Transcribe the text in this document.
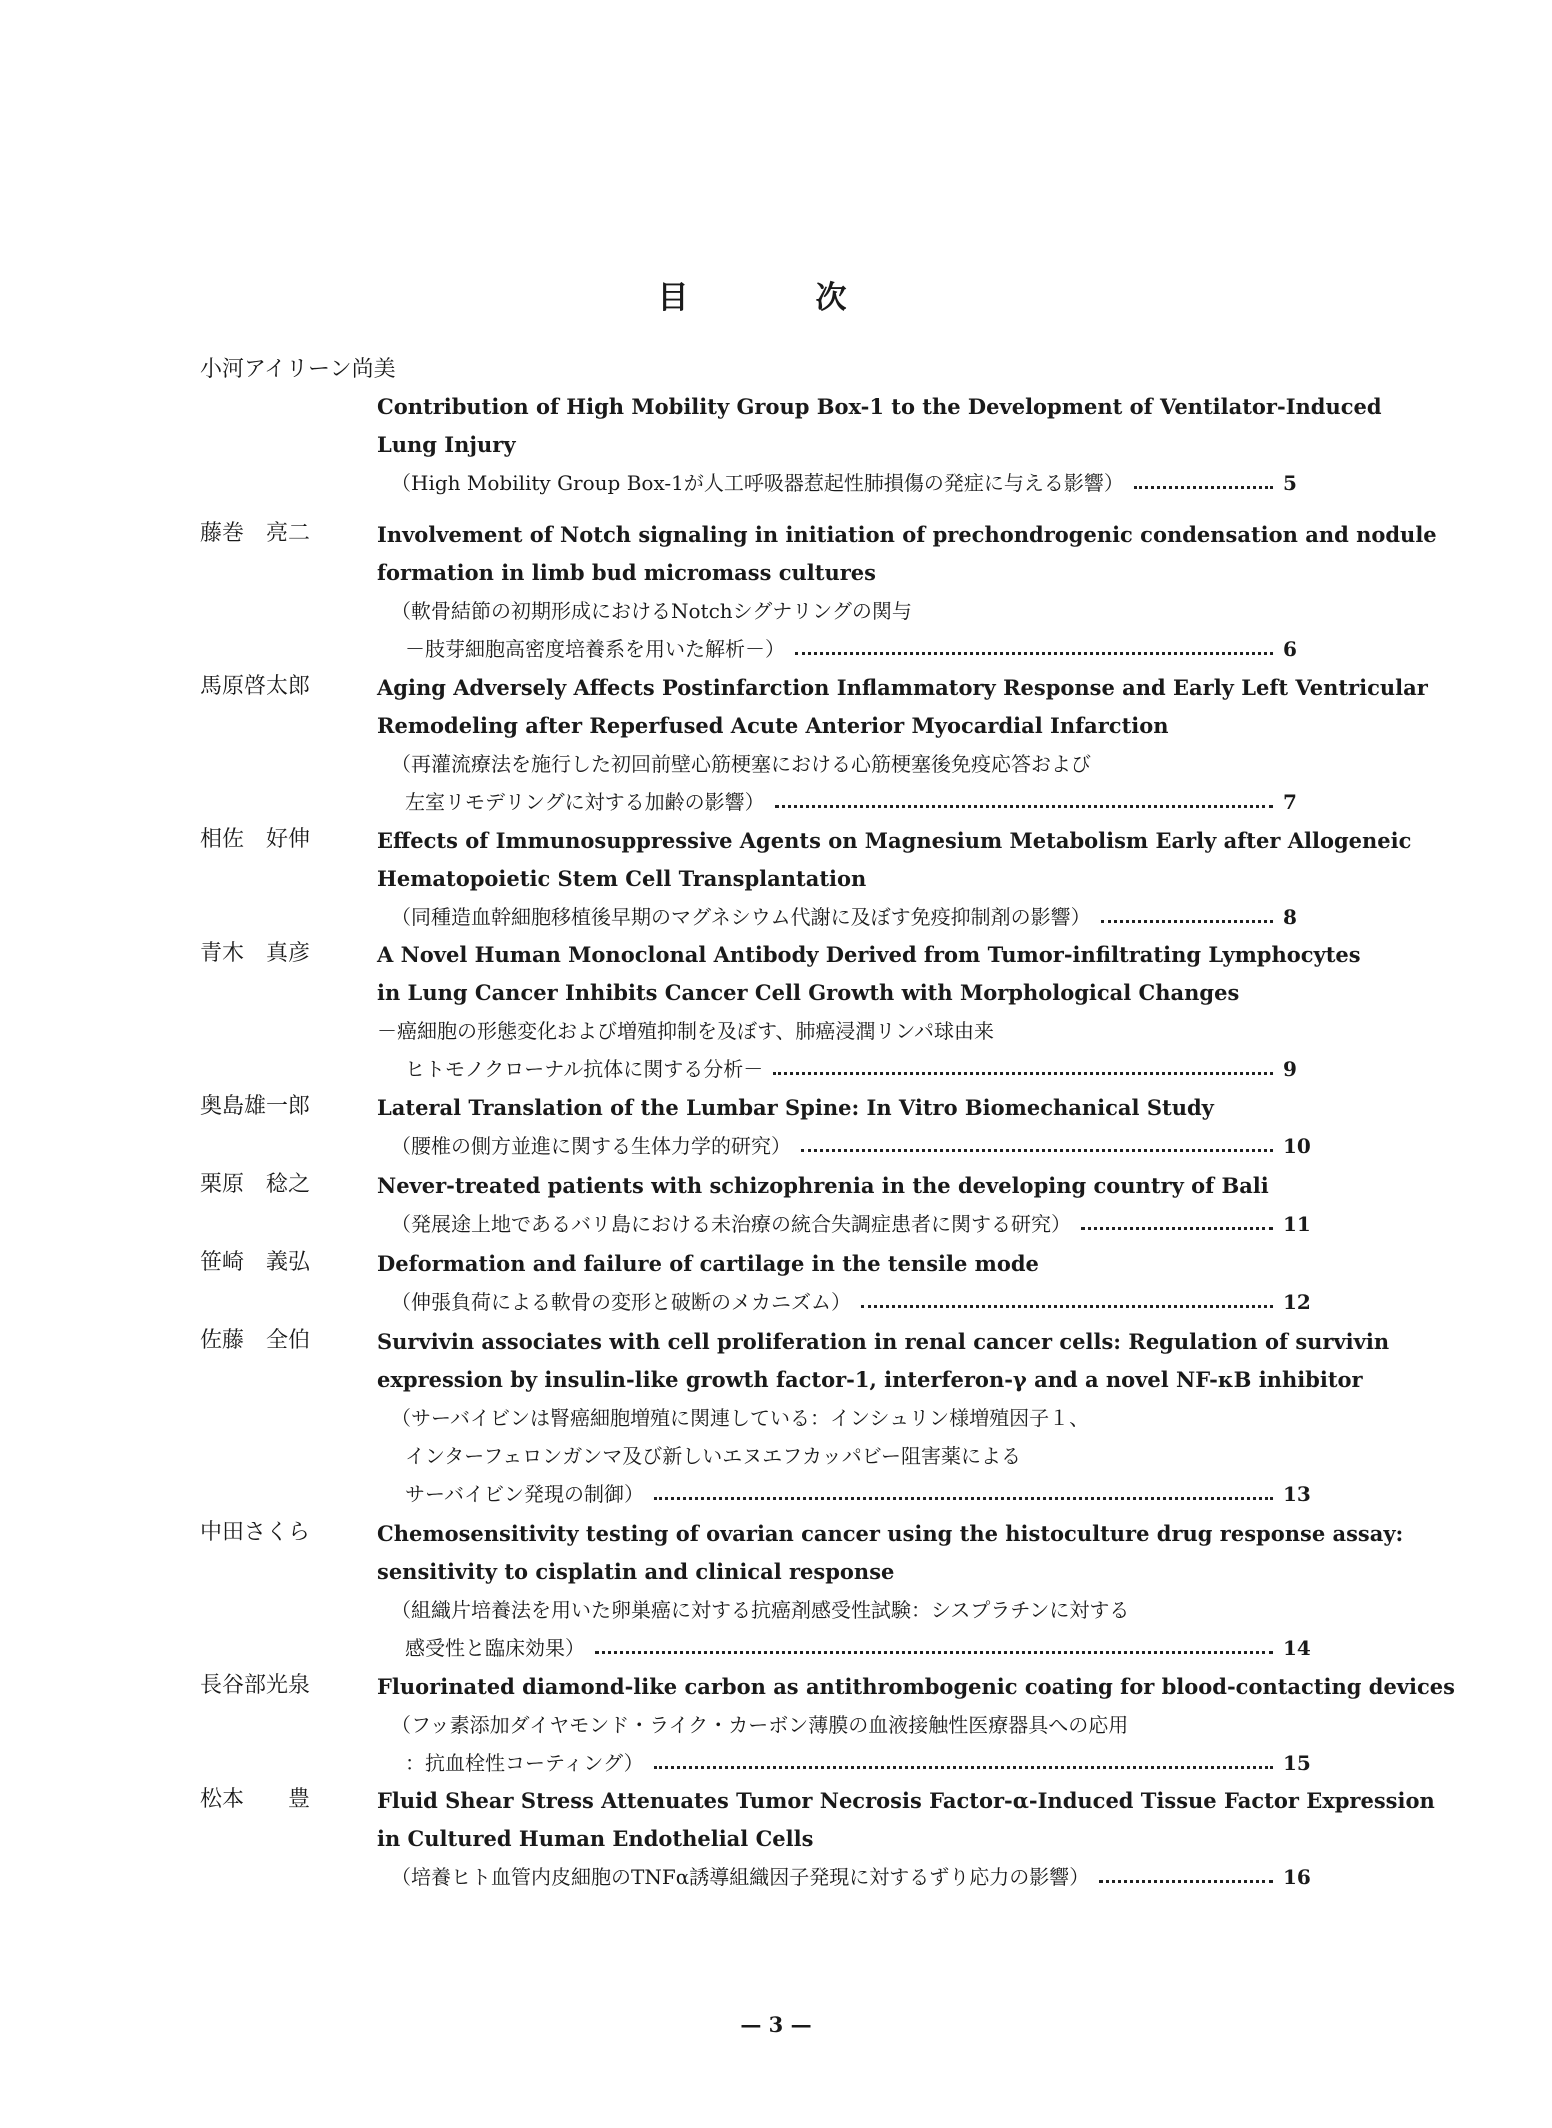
目　次
小河アイリーン尚美
Contribution of High Mobility Group Box-1 to the Development of Ventilator-Induced
Lung Injury
（High Mobility Group Box-1が人工呼吸器惹起性肺損傷の発症に与える影響）	5
藤巻　亮二	Involvement of Notch signaling in initiation of prechondrogenic condensation and nodule
formation in limb bud micromass cultures
（軟骨結節の初期形成におけるNotchシグナリングの関与
－肢芽細胞高密度培養系を用いた解析－）	6
馬原啓太郎	Aging Adversely Affects Postinfarction Inflammatory Response and Early Left Ventricular
Remodeling after Reperfused Acute Anterior Myocardial Infarction
（再灌流療法を施行した初回前壁心筋梗塞における心筋梗塞後免疫応答および
左室リモデリングに対する加齢の影響）	7
相佐　好伸	Effects of Immunosuppressive Agents on Magnesium Metabolism Early after Allogeneic
Hematopoietic Stem Cell Transplantation
（同種造血幹細胞移植後早期のマグネシウム代謝に及ぼす免疫抑制剤の影響）	8
青木　真彦	A Novel Human Monoclonal Antibody Derived from Tumor-infiltrating Lymphocytes
in Lung Cancer Inhibits Cancer Cell Growth with Morphological Changes
－癌細胞の形態変化および増殖抑制を及ぼす、肺癌浸潤リンパ球由来
ヒトモノクローナル抗体に関する分析－	9
奥島雄一郎	Lateral Translation of the Lumbar Spine: In Vitro Biomechanical Study
（腰椎の側方並進に関する生体力学的研究）	10
栗原　稔之	Never-treated patients with schizophrenia in the developing country of Bali
（発展途上地であるバリ島における未治療の統合失調症患者に関する研究）	11
笹崎　義弘	Deformation and failure of cartilage in the tensile mode
（伸張負荷による軟骨の変形と破断のメカニズム）	12
佐藤　全伯	Survivin associates with cell proliferation in renal cancer cells: Regulation of survivin
expression by insulin-like growth factor-1, interferon-γ and a novel NF-κB inhibitor
（サーバイビンは腎癌細胞増殖に関連している：インシュリン様増殖因子１、
インターフェロンガンマ及び新しいエヌエフカッパビー阻害薬による
サーバイビン発現の制御）	13
中田さくら	Chemosensitivity testing of ovarian cancer using the histoculture drug response assay:
sensitivity to cisplatin and clinical response
（組織片培養法を用いた卵巣癌に対する抗癌剤感受性試験：シスプラチンに対する
感受性と臨床効果）	14
長谷部光泉	Fluorinated diamond-like carbon as antithrombogenic coating for blood-contacting devices
（フッ素添加ダイヤモンド・ライク・カーボン薄膜の血液接触性医療器具への応用
：抗血栓性コーティング）	15
松本　　豊	Fluid Shear Stress Attenuates Tumor Necrosis Factor-α-Induced Tissue Factor Expression
in Cultured Human Endothelial Cells
（培養ヒト血管内皮細胞のTNFα誘導組織因子発現に対するずり応力の影響）	16
— 3 —
